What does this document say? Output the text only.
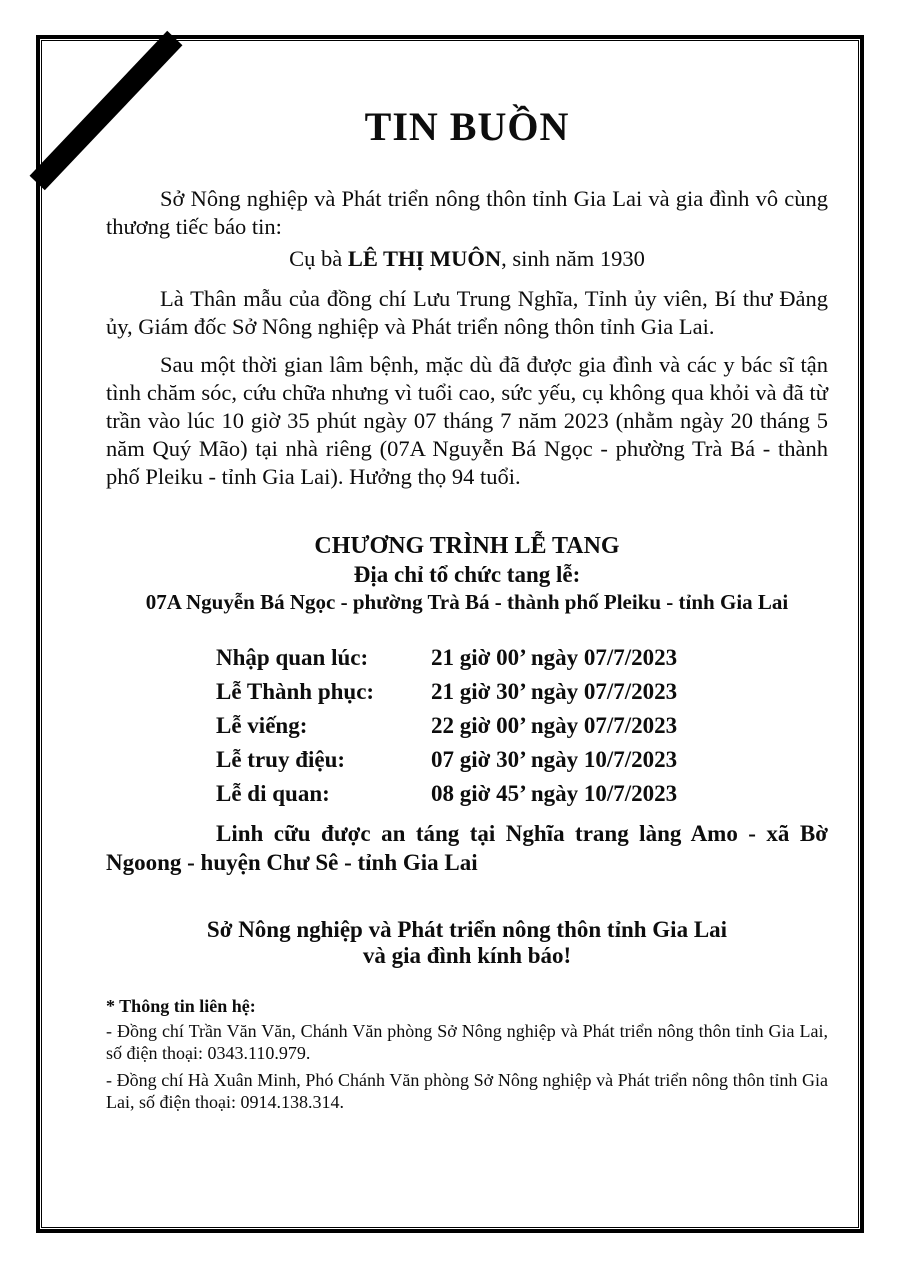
TIN BUỒN

Sở Nông nghiệp và Phát triển nông thôn tỉnh Gia Lai và gia đình vô cùng thương tiếc báo tin:

Cụ bà LÊ THỊ MUÔN, sinh năm 1930

Là Thân mẫu của đồng chí Lưu Trung Nghĩa, Tỉnh ủy viên, Bí thư Đảng ủy, Giám đốc Sở Nông nghiệp và Phát triển nông thôn tỉnh Gia Lai.

Sau một thời gian lâm bệnh, mặc dù đã được gia đình và các y bác sĩ tận tình chăm sóc, cứu chữa nhưng vì tuổi cao, sức yếu, cụ không qua khỏi và đã từ trần vào lúc 10 giờ 35 phút ngày 07 tháng 7 năm 2023 (nhằm ngày 20 tháng 5 năm Quý Mão) tại nhà riêng (07A Nguyễn Bá Ngọc - phường Trà Bá - thành phố Pleiku - tỉnh Gia Lai). Hưởng thọ 94 tuổi.

CHƯƠNG TRÌNH LỄ TANG
Địa chỉ tổ chức tang lễ:
07A Nguyễn Bá Ngọc - phường Trà Bá - thành phố Pleiku - tỉnh Gia Lai
Nhập quan lúc:	21 giờ 00’ ngày 07/7/2023
Lễ Thành phục:	21 giờ 30’ ngày 07/7/2023
Lễ viếng:	22 giờ 00’ ngày 07/7/2023
Lễ truy điệu:	07 giờ 30’ ngày 10/7/2023
Lễ di quan:	08 giờ 45’ ngày 10/7/2023

Linh cữu được an táng tại Nghĩa trang làng Amo - xã Bờ Ngoong - huyện Chư Sê - tỉnh Gia Lai

Sở Nông nghiệp và Phát triển nông thôn tỉnh Gia Lai
và gia đình kính báo!
* Thông tin liên hệ:

- Đồng chí Trần Văn Văn, Chánh Văn phòng Sở Nông nghiệp và Phát triển nông thôn tỉnh Gia Lai, số điện thoại: 0343.110.979.

- Đồng chí Hà Xuân Minh, Phó Chánh Văn phòng Sở Nông nghiệp và Phát triển nông thôn tỉnh Gia Lai, số điện thoại: 0914.138.314.
